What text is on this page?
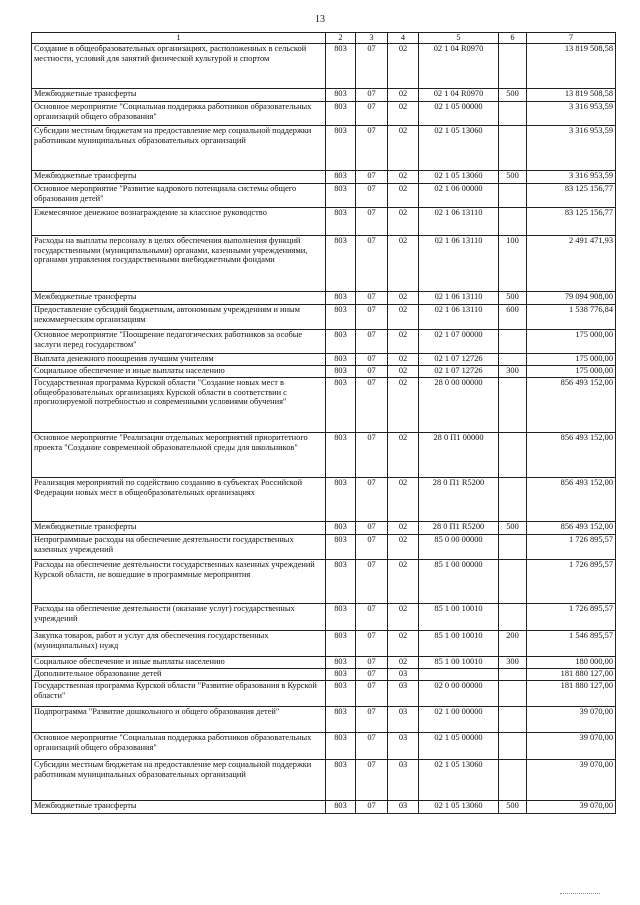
13
1	2	3	4	5	6	7
Создание в общеобразовательных организациях, расположенных в сельской местности, условий для занятий физической культурой и спортом	803	07	02	02 1 04 R0970		13 819 508,58
Межбюджетные трансферты	803	07	02	02 1 04 R0970	500	13 819 508,58
Основное мероприятие "Социальная поддержка работников образовательных организаций общего образования"	803	07	02	02 1 05 00000		3 316 953,59
Субсидии местным бюджетам на предоставление мер социальной поддержки работникам муниципальных образовательных организаций	803	07	02	02 1 05 13060		3 316 953,59
Межбюджетные трансферты	803	07	02	02 1 05 13060	500	3 316 953,59
Основное мероприятие "Развитие кадрового потенциала системы общего образования детей"	803	07	02	02 1 06 00000		83 125 156,77
Ежемесячное денежное вознаграждение за классное руководство	803	07	02	02 1 06 13110		83 125 156,77
Расходы на выплаты персоналу в целях обеспечения выполнения функций государственными (муниципальными) органами, казенными учреждениями, органами управления государственными внебюджетными фондами	803	07	02	02 1 06 13110	100	2 491 471,93
Межбюджетные трансферты	803	07	02	02 1 06 13110	500	79 094 908,00
Предоставление субсидий бюджетным, автономным учреждениям и иным некоммерческим организациям	803	07	02	02 1 06 13110	600	1 538 776,84
Основное мероприятие "Поощрение педагогических работников за особые заслуги перед государством"	803	07	02	02 1 07 00000		175 000,00
Выплата денежного поощрения лучшим учителям	803	07	02	02 1 07 12726		175 000,00
Социальное обеспечение и иные выплаты населению	803	07	02	02 1 07 12726	300	175 000,00
Государственная программа Курской области "Создание новых мест в общеобразовательных организациях Курской области в соответствии с прогнозируемой потребностью и современными условиями обучения"	803	07	02	28 0 00 00000		856 493 152,00
Основное мероприятие "Реализация отдельных мероприятий приоритетного проекта "Создание современной образовательной среды для школьников"	803	07	02	28 0 П1 00000		856 493 152,00
Реализация мероприятий по содействию созданию в субъектах Российской Федерации новых мест в общеобразовательных организациях	803	07	02	28 0 П1 R5200		856 493 152,00
Межбюджетные трансферты	803	07	02	28 0 П1 R5200	500	856 493 152,00
Непрограммные расходы на обеспечение деятельности государственных казенных учреждений	803	07	02	85 0 00 00000		1 726 895,57
Расходы на обеспечение деятельности государственных казенных учреждений Курской области, не вошедшие в программные мероприятия	803	07	02	85 1 00 00000		1 726 895,57
Расходы на обеспечение деятельности (оказание услуг) государственных учреждений	803	07	02	85 1 00 10010		1 726 895,57
Закупка товаров, работ и услуг для обеспечения государственных (муниципальных) нужд	803	07	02	85 1 00 10010	200	1 546 895,57
Социальное обеспечение и иные выплаты населению	803	07	02	85 1 00 10010	300	180 000,00
Дополнительное образование детей	803	07	03			181 880 127,00
Государственная программа Курской области "Развитие образования в Курской области"	803	07	03	02 0 00 00000		181 880 127,00
Подпрограмма "Развитие дошкольного и общего образования детей"	803	07	03	02 1 00 00000		39 070,00
Основное мероприятие "Социальная поддержка работников образовательных организаций общего образования"	803	07	03	02 1 05 00000		39 070,00
Субсидии местным бюджетам на предоставление мер социальной поддержки работникам муниципальных образовательных организаций	803	07	03	02 1 05 13060		39 070,00
Межбюджетные трансферты	803	07	03	02 1 05 13060	500	39 070,00
